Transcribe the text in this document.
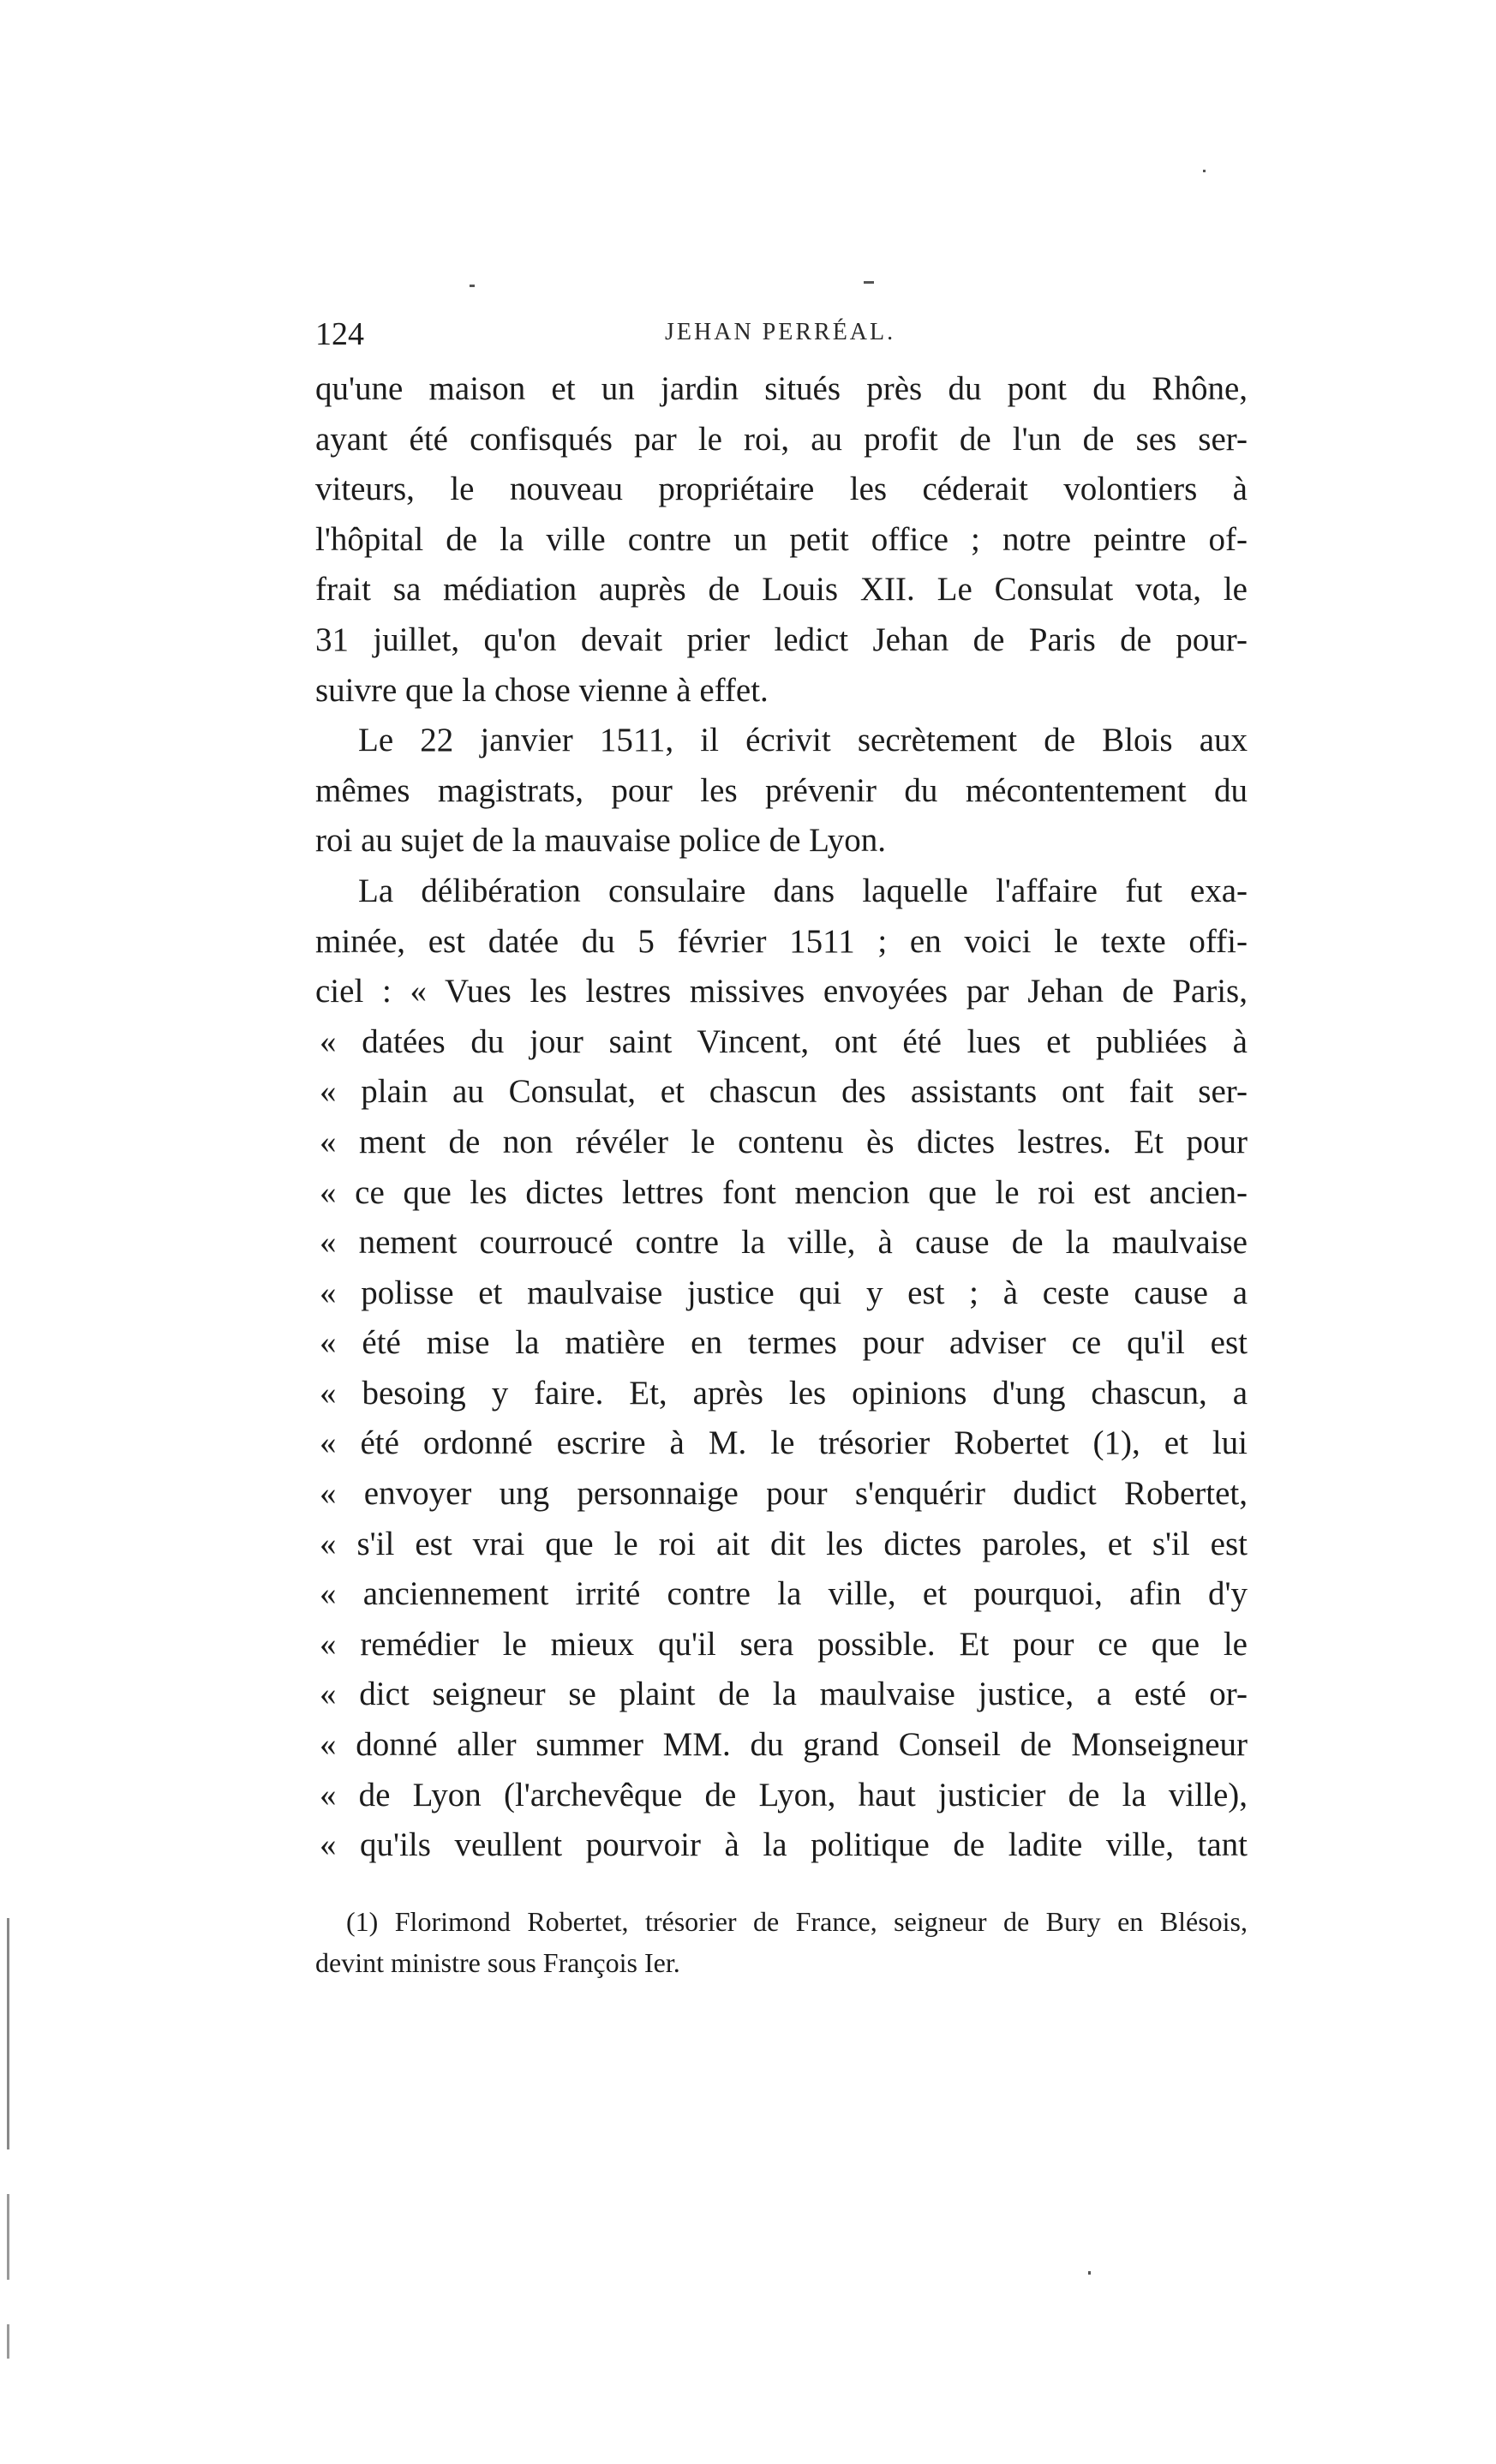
124	JEHAN PERRÉAL.
qu'une maison et un jardin situés près du pont du Rhône,
ayant été confisqués par le roi, au profit de l'un de ses ser-
viteurs, le nouveau propriétaire les céderait volontiers à
l'hôpital de la ville contre un petit office ; notre peintre of-
frait sa médiation auprès de Louis XII. Le Consulat vota, le
31 juillet, qu'on devait prier ledict Jehan de Paris de pour-
suivre que la chose vienne à effet.
Le 22 janvier 1511, il écrivit secrètement de Blois aux
mêmes magistrats, pour les prévenir du mécontentement du
roi au sujet de la mauvaise police de Lyon.
La délibération consulaire dans laquelle l'affaire fut exa-
minée, est datée du 5 février 1511 ; en voici le texte offi-
ciel : « Vues les lestres missives envoyées par Jehan de Paris,
« datées du jour saint Vincent, ont été lues et publiées à
« plain au Consulat, et chascun des assistants ont fait ser-
« ment de non révéler le contenu ès dictes lestres. Et pour
« ce que les dictes lettres font mencion que le roi est ancien-
« nement courroucé contre la ville, à cause de la maulvaise
« polisse et maulvaise justice qui y est ; à ceste cause a
« été mise la matière en termes pour adviser ce qu'il est
« besoing y faire. Et, après les opinions d'ung chascun, a
« été ordonné escrire à M. le trésorier Robertet (1), et lui
« envoyer ung personnaige pour s'enquérir dudict Robertet,
« s'il est vrai que le roi ait dit les dictes paroles, et s'il est
« anciennement irrité contre la ville, et pourquoi, afin d'y
« remédier le mieux qu'il sera possible. Et pour ce que le
« dict seigneur se plaint de la maulvaise justice, a esté or-
« donné aller summer MM. du grand Conseil de Monseigneur
« de Lyon (l'archevêque de Lyon, haut justicier de la ville),
« qu'ils veullent pourvoir à la politique de ladite ville, tant
(1) Florimond Robertet, trésorier de France, seigneur de Bury en Blésois,
devint ministre sous François Ier.
